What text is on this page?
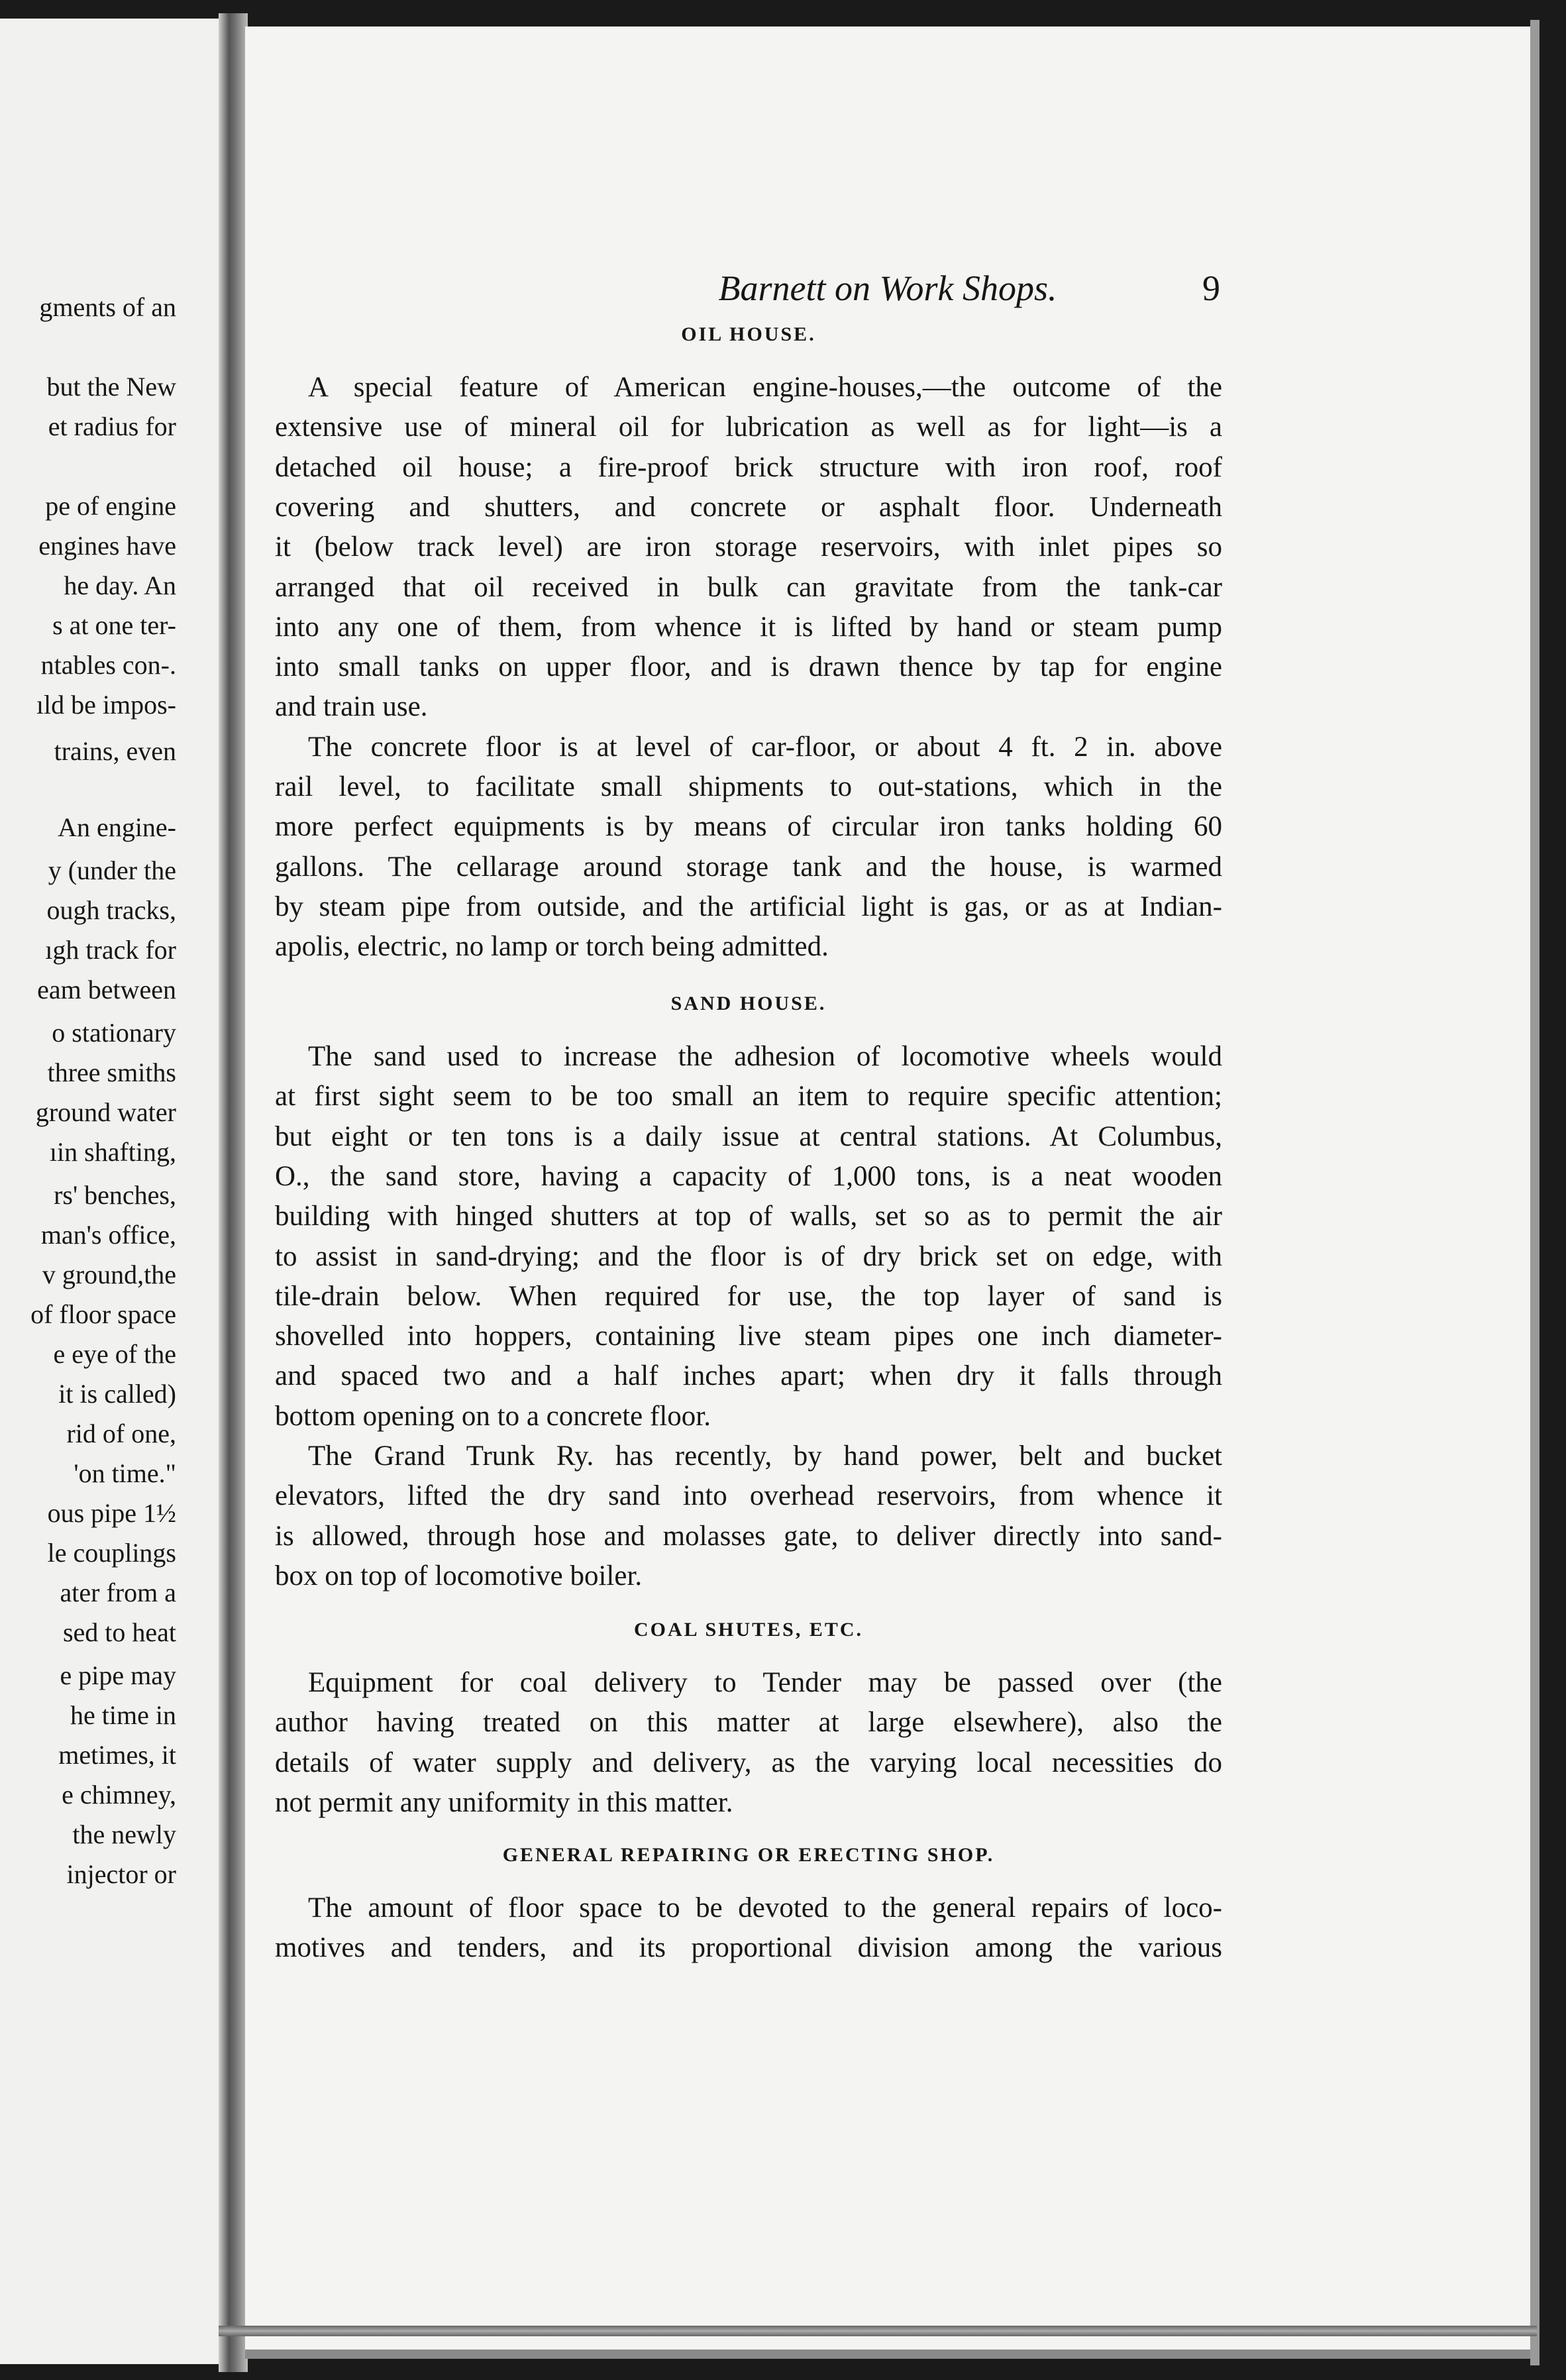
gments of an
but the New
et radius for
pe of engine
engines have
he day. An
s at one ter-
ntables con-.
ıld be impos-
trains, even
An engine-
y (under the
ough tracks,
ıgh track for
eam between
o stationary
three smiths
ground water
ıin shafting,
rs' benches,
man's office,
v ground,the
of floor space
e eye of the
it is called)
rid of one,
'on time."
ous pipe 1½
le couplings
ater from a
sed to heat
e pipe may
he time in
metimes, it
e chimney,
the newly
injector or
Barnett on Work Shops.	9
OIL HOUSE.
A special feature of American engine-houses,—the outcome of the
extensive use of mineral oil for lubrication as well as for light—is a
detached oil house; a fire-proof brick structure with iron roof, roof
covering and shutters, and concrete or asphalt floor. Underneath
it (below track level) are iron storage reservoirs, with inlet pipes so
arranged that oil received in bulk can gravitate from the tank-car
into any one of them, from whence it is lifted by hand or steam pump
into small tanks on upper floor, and is drawn thence by tap for engine
and train use.
The concrete floor is at level of car-floor, or about 4 ft. 2 in. above
rail level, to facilitate small shipments to out-stations, which in the
more perfect equipments is by means of circular iron tanks holding 60
gallons. The cellarage around storage tank and the house, is warmed
by steam pipe from outside, and the artificial light is gas, or as at Indian-
apolis, electric, no lamp or torch being admitted.
SAND HOUSE.
The sand used to increase the adhesion of locomotive wheels would
at first sight seem to be too small an item to require specific attention;
but eight or ten tons is a daily issue at central stations. At Columbus,
O., the sand store, having a capacity of 1,000 tons, is a neat wooden
building with hinged shutters at top of walls, set so as to permit the air
to assist in sand-drying; and the floor is of dry brick set on edge, with
tile-drain below. When required for use, the top layer of sand is
shovelled into hoppers, containing live steam pipes one inch diameter-
and spaced two and a half inches apart; when dry it falls through
bottom opening on to a concrete floor.
The Grand Trunk Ry. has recently, by hand power, belt and bucket
elevators, lifted the dry sand into overhead reservoirs, from whence it
is allowed, through hose and molasses gate, to deliver directly into sand-
box on top of locomotive boiler.
COAL SHUTES, ETC.
Equipment for coal delivery to Tender may be passed over (the
author having treated on this matter at large elsewhere), also the
details of water supply and delivery, as the varying local necessities do
not permit any uniformity in this matter.
GENERAL REPAIRING OR ERECTING SHOP.
The amount of floor space to be devoted to the general repairs of loco-
motives and tenders, and its proportional division among the various
